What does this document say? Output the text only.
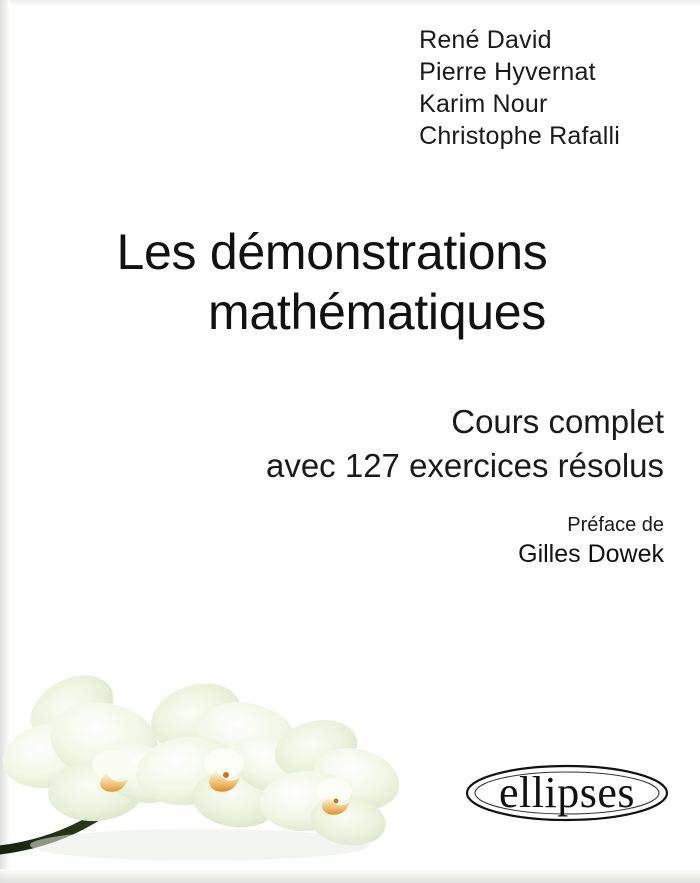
René David
Pierre Hyvernat
Karim Nour
Christophe Rafalli
Les démonstrations
mathématiques
Cours complet
avec 127 exercices résolus
Préface de
Gilles Dowek
ellipses
